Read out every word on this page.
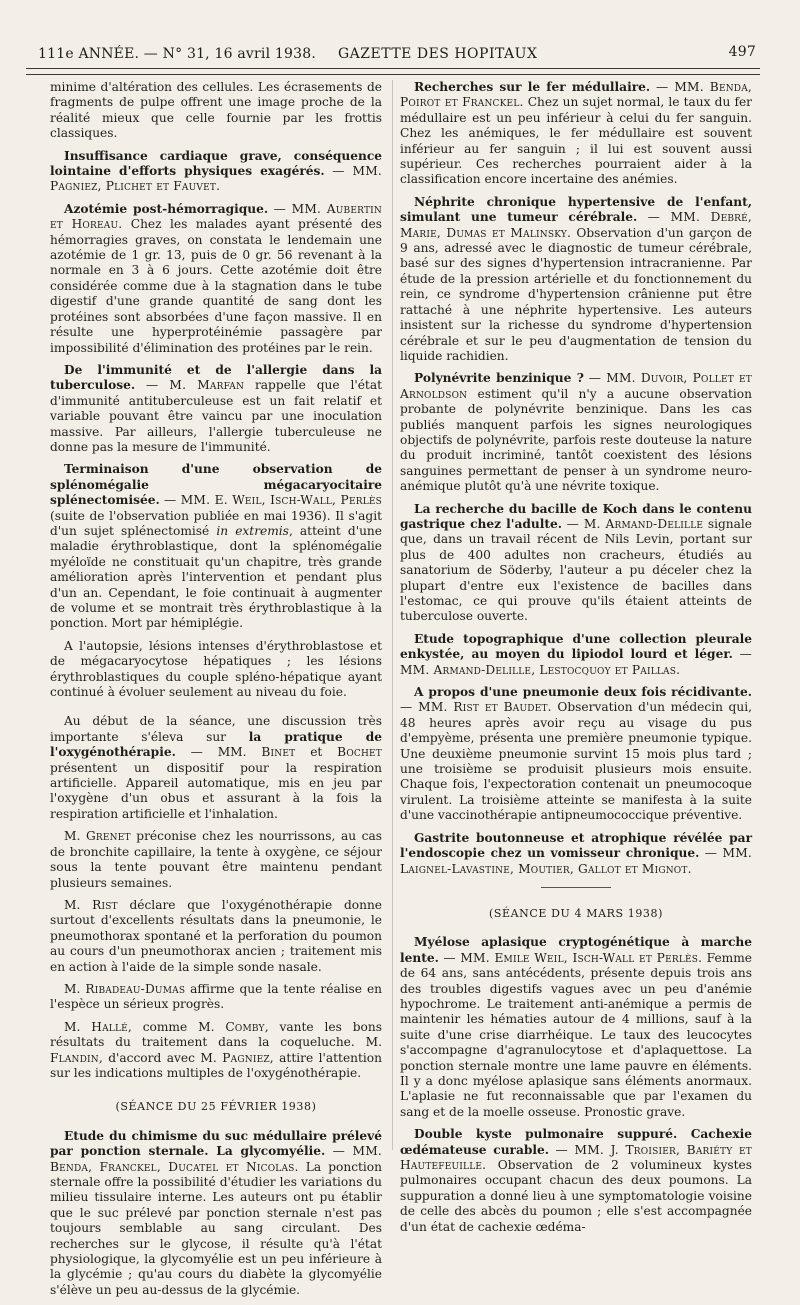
111e ANNÉE. — N° 31, 16 avril 1938. GAZETTE DES HOPITAUX	497

minime d'altération des cellules. Les écrasements de fragments de pulpe offrent une image proche de la réalité mieux que celle fournie par les frottis classiques.

Insuffisance cardiaque grave, conséquence lointaine d'efforts physiques exagérés. — MM. Pagniez, Plichet et Fauvet.

Azotémie post-hémorragique. — MM. Aubertin et Horeau. Chez les malades ayant présenté des hémorragies graves, on constata le lendemain une azotémie de 1 gr. 13, puis de 0 gr. 56 revenant à la normale en 3 à 6 jours. Cette azotémie doit être considérée comme due à la stagnation dans le tube digestif d'une grande quantité de sang dont les protéines sont absorbées d'une façon massive. Il en résulte une hyperprotéinémie passagère par impossibilité d'élimination des protéines par le rein.

De l'immunité et de l'allergie dans la tuberculose. — M. Marfan rappelle que l'état d'immunité antituberculeuse est un fait relatif et variable pouvant être vaincu par une inoculation massive. Par ailleurs, l'allergie tuberculeuse ne donne pas la mesure de l'immunité.

Terminaison d'une observation de splénomégalie mégacaryocitaire splénectomisée. — MM. E. Weil, Isch-Wall, Perlès (suite de l'observation publiée en mai 1936). Il s'agit d'un sujet splénectomisé in extremis, atteint d'une maladie érythroblastique, dont la splénomégalie myéloïde ne constituait qu'un chapitre, très grande amélioration après l'intervention et pendant plus d'un an. Cependant, le foie continuait à augmenter de volume et se montrait très érythroblastique à la ponction. Mort par hémiplégie.

A l'autopsie, lésions intenses d'érythroblastose et de mégacaryocytose hépatiques ; les lésions érythroblastiques du couple spléno-hépatique ayant continué à évoluer seulement au niveau du foie.

Au début de la séance, une discussion très importante s'éleva sur la pratique de l'oxygénothérapie. — MM. Binet et Bochet présentent un dispositif pour la respiration artificielle. Appareil automatique, mis en jeu par l'oxygène d'un obus et assurant à la fois la respiration artificielle et l'inhalation.

M. Grenet préconise chez les nourrissons, au cas de bronchite capillaire, la tente à oxygène, ce séjour sous la tente pouvant être maintenu pendant plusieurs semaines.

M. Rist déclare que l'oxygénothérapie donne surtout d'excellents résultats dans la pneumonie, le pneumothorax spontané et la perforation du poumon au cours d'un pneumothorax ancien ; traitement mis en action à l'aide de la simple sonde nasale.

M. Ribadeau-Dumas affirme que la tente réalise en l'espèce un sérieux progrès.

M. Hallé, comme M. Comby, vante les bons résultats du traitement dans la coqueluche. M. Flandin, d'accord avec M. Pagniez, attire l'attention sur les indications multiples de l'oxygénothérapie.

(SÉANCE DU 25 FÉVRIER 1938)

Etude du chimisme du suc médullaire prélevé par ponction sternale. La glycomyélie. — MM. Benda, Franckel, Ducatel et Nicolas. La ponction sternale offre la possibilité d'étudier les variations du milieu tissulaire interne. Les auteurs ont pu établir que le suc prélevé par ponction sternale n'est pas toujours semblable au sang circulant. Des recherches sur le glycose, il résulte qu'à l'état physiologique, la glycomyélie est un peu inférieure à la glycémie ; qu'au cours du diabète la glycomyélie s'élève un peu au-dessus de la glycémie.

Recherches sur le fer médullaire. — MM. Benda, Poirot et Franckel. Chez un sujet normal, le taux du fer médullaire est un peu inférieur à celui du fer sanguin. Chez les anémiques, le fer médullaire est souvent inférieur au fer sanguin ; il lui est souvent aussi supérieur. Ces recherches pourraient aider à la classification encore incertaine des anémies.

Néphrite chronique hypertensive de l'enfant, simulant une tumeur cérébrale. — MM. Debré, Marie, Dumas et Malinsky. Observation d'un garçon de 9 ans, adressé avec le diagnostic de tumeur cérébrale, basé sur des signes d'hypertension intracranienne. Par étude de la pression artérielle et du fonctionnement du rein, ce syndrome d'hypertension crânienne put être rattaché à une néphrite hypertensive. Les auteurs insistent sur la richesse du syndrome d'hypertension cérébrale et sur le peu d'augmentation de tension du liquide rachidien.

Polynévrite benzinique ? — MM. Duvoir, Pollet et Arnoldson estiment qu'il n'y a aucune observation probante de polynévrite benzinique. Dans les cas publiés manquent parfois les signes neurologiques objectifs de polynévrite, parfois reste douteuse la nature du produit incriminé, tantôt coexistent des lésions sanguines permettant de penser à un syndrome neuro-anémique plutôt qu'à une névrite toxique.

La recherche du bacille de Koch dans le contenu gastrique chez l'adulte. — M. Armand-Delille signale que, dans un travail récent de Nils Levin, portant sur plus de 400 adultes non cracheurs, étudiés au sanatorium de Söderby, l'auteur a pu déceler chez la plupart d'entre eux l'existence de bacilles dans l'estomac, ce qui prouve qu'ils étaient atteints de tuberculose ouverte.

Etude topographique d'une collection pleurale enkystée, au moyen du lipiodol lourd et léger. — MM. Armand-Delille, Lestocquoy et Paillas.

A propos d'une pneumonie deux fois récidivante. — MM. Rist et Baudet. Observation d'un médecin qui, 48 heures après avoir reçu au visage du pus d'empyème, présenta une première pneumonie typique. Une deuxième pneumonie survint 15 mois plus tard ; une troisième se produisit plusieurs mois ensuite. Chaque fois, l'expectoration contenait un pneumocoque virulent. La troisième atteinte se manifesta à la suite d'une vaccinothérapie antipneumococcique préventive.

Gastrite boutonneuse et atrophique révélée par l'endoscopie chez un vomisseur chronique. — MM. Laignel-Lavastine, Moutier, Gallot et Mignot.

(SÉANCE DU 4 MARS 1938)

Myélose aplasique cryptogénétique à marche lente. — MM. Emile Weil, Isch-Wall et Perlès. Femme de 64 ans, sans antécédents, présente depuis trois ans des troubles digestifs vagues avec un peu d'anémie hypochrome. Le traitement anti-anémique a permis de maintenir les hématies autour de 4 millions, sauf à la suite d'une crise diarrhéique. Le taux des leucocytes s'accompagne d'agranulocytose et d'aplaquettose. La ponction sternale montre une lame pauvre en éléments. Il y a donc myélose aplasique sans éléments anormaux. L'aplasie ne fut reconnaissable que par l'examen du sang et de la moelle osseuse. Pronostic grave.

Double kyste pulmonaire suppuré. Cachexie œdémateuse curable. — MM. J. Troisier, Bariéty et Hautefeuille. Observation de 2 volumineux kystes pulmonaires occupant chacun des deux poumons. La suppuration a donné lieu à une symptomatologie voisine de celle des abcès du poumon ; elle s'est accompagnée d'un état de cachexie œdéma-
